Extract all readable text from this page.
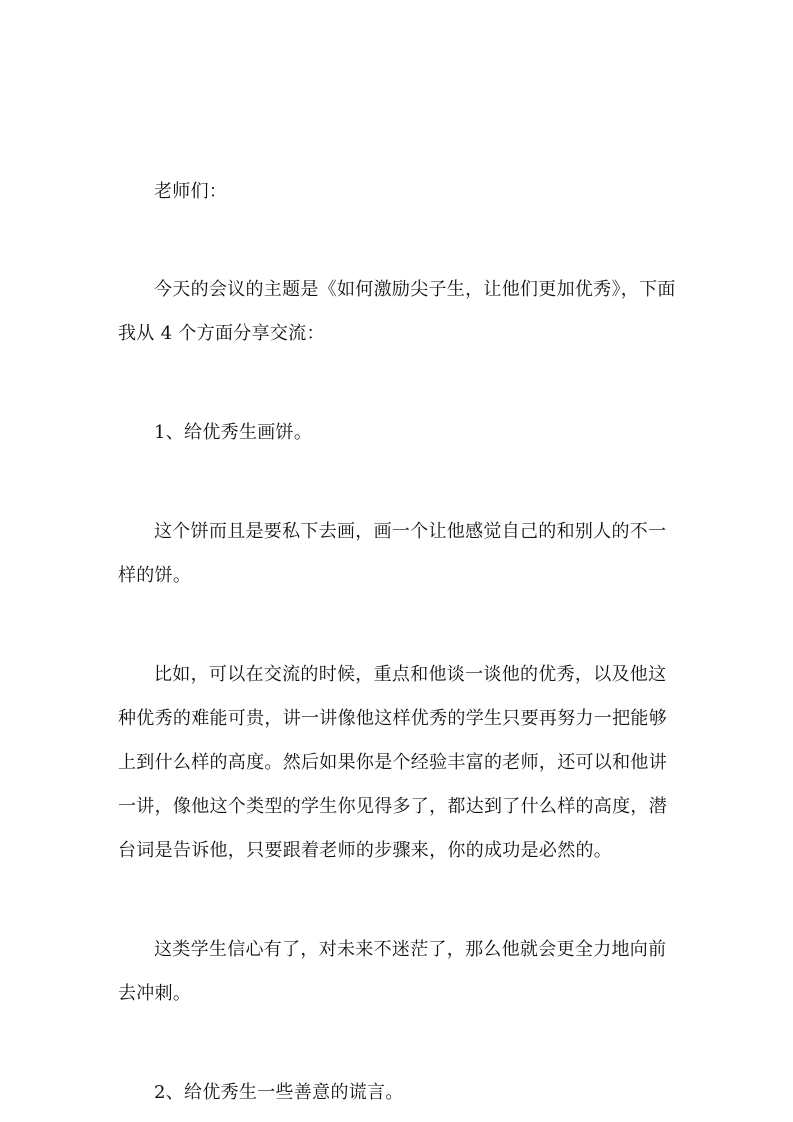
老师们：
今天的会议的主题是《如何激励尖子生，让他们更加优秀》，下面
我从 4 个方面分享交流：
1、给优秀生画饼。
这个饼而且是要私下去画，画一个让他感觉自己的和别人的不一
样的饼。
比如，可以在交流的时候，重点和他谈一谈他的优秀，以及他这
种优秀的难能可贵，讲一讲像他这样优秀的学生只要再努力一把能够
上到什么样的高度。然后如果你是个经验丰富的老师，还可以和他讲
一讲，像他这个类型的学生你见得多了，都达到了什么样的高度，潜
台词是告诉他，只要跟着老师的步骤来，你的成功是必然的。
这类学生信心有了，对未来不迷茫了，那么他就会更全力地向前
去冲刺。
2、给优秀生一些善意的谎言。
